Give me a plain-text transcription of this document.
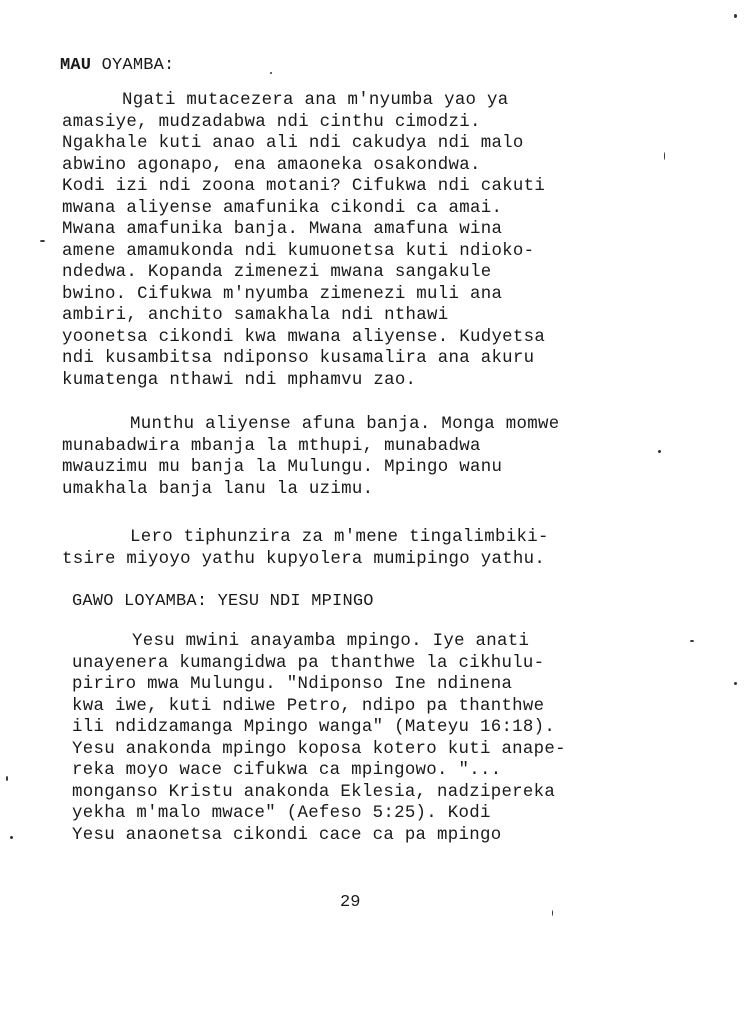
MAU OYAMBA:
Ngati mutacezera ana m'nyumba yao ya
amasiye, mudzadabwa ndi cinthu cimodzi.
Ngakhale kuti anao ali ndi cakudya ndi malo
abwino agonapo, ena amaoneka osakondwa.
Kodi izi ndi zoona motani? Cifukwa ndi cakuti
mwana aliyense amafunika cikondi ca amai.
Mwana amafunika banja. Mwana amafuna wina
amene amamukonda ndi kumuonetsa kuti ndioko-
ndedwa. Kopanda zimenezi mwana sangakule
bwino. Cifukwa m'nyumba zimenezi muli ana
ambiri, anchito samakhala ndi nthawi
yoonetsa cikondi kwa mwana aliyense. Kudyetsa
ndi kusambitsa ndiponso kusamalira ana akuru
kumatenga nthawi ndi mphamvu zao.
Munthu aliyense afuna banja. Monga momwe
munabadwira mbanja la mthupi, munabadwa
mwauzimu mu banja la Mulungu. Mpingo wanu
umakhala banja lanu la uzimu.
Lero tiphunzira za m'mene tingalimbiki-
tsire miyoyo yathu kupyolera mumipingo yathu.
GAWO LOYAMBA: YESU NDI MPINGO
Yesu mwini anayamba mpingo. Iye anati
unayenera kumangidwa pa thanthwe la cikhulu-
piriro mwa Mulungu. "Ndiponso Ine ndinena
kwa iwe, kuti ndiwe Petro, ndipo pa thanthwe
ili ndidzamanga Mpingo wanga" (Mateyu 16:18).
Yesu anakonda mpingo koposa kotero kuti anape-
reka moyo wace cifukwa ca mpingowo. "...
monganso Kristu anakonda Eklesia, nadzipereka
yekha m'malo mwace" (Aefeso 5:25). Kodi
Yesu anaonetsa cikondi cace ca pa mpingo
29
